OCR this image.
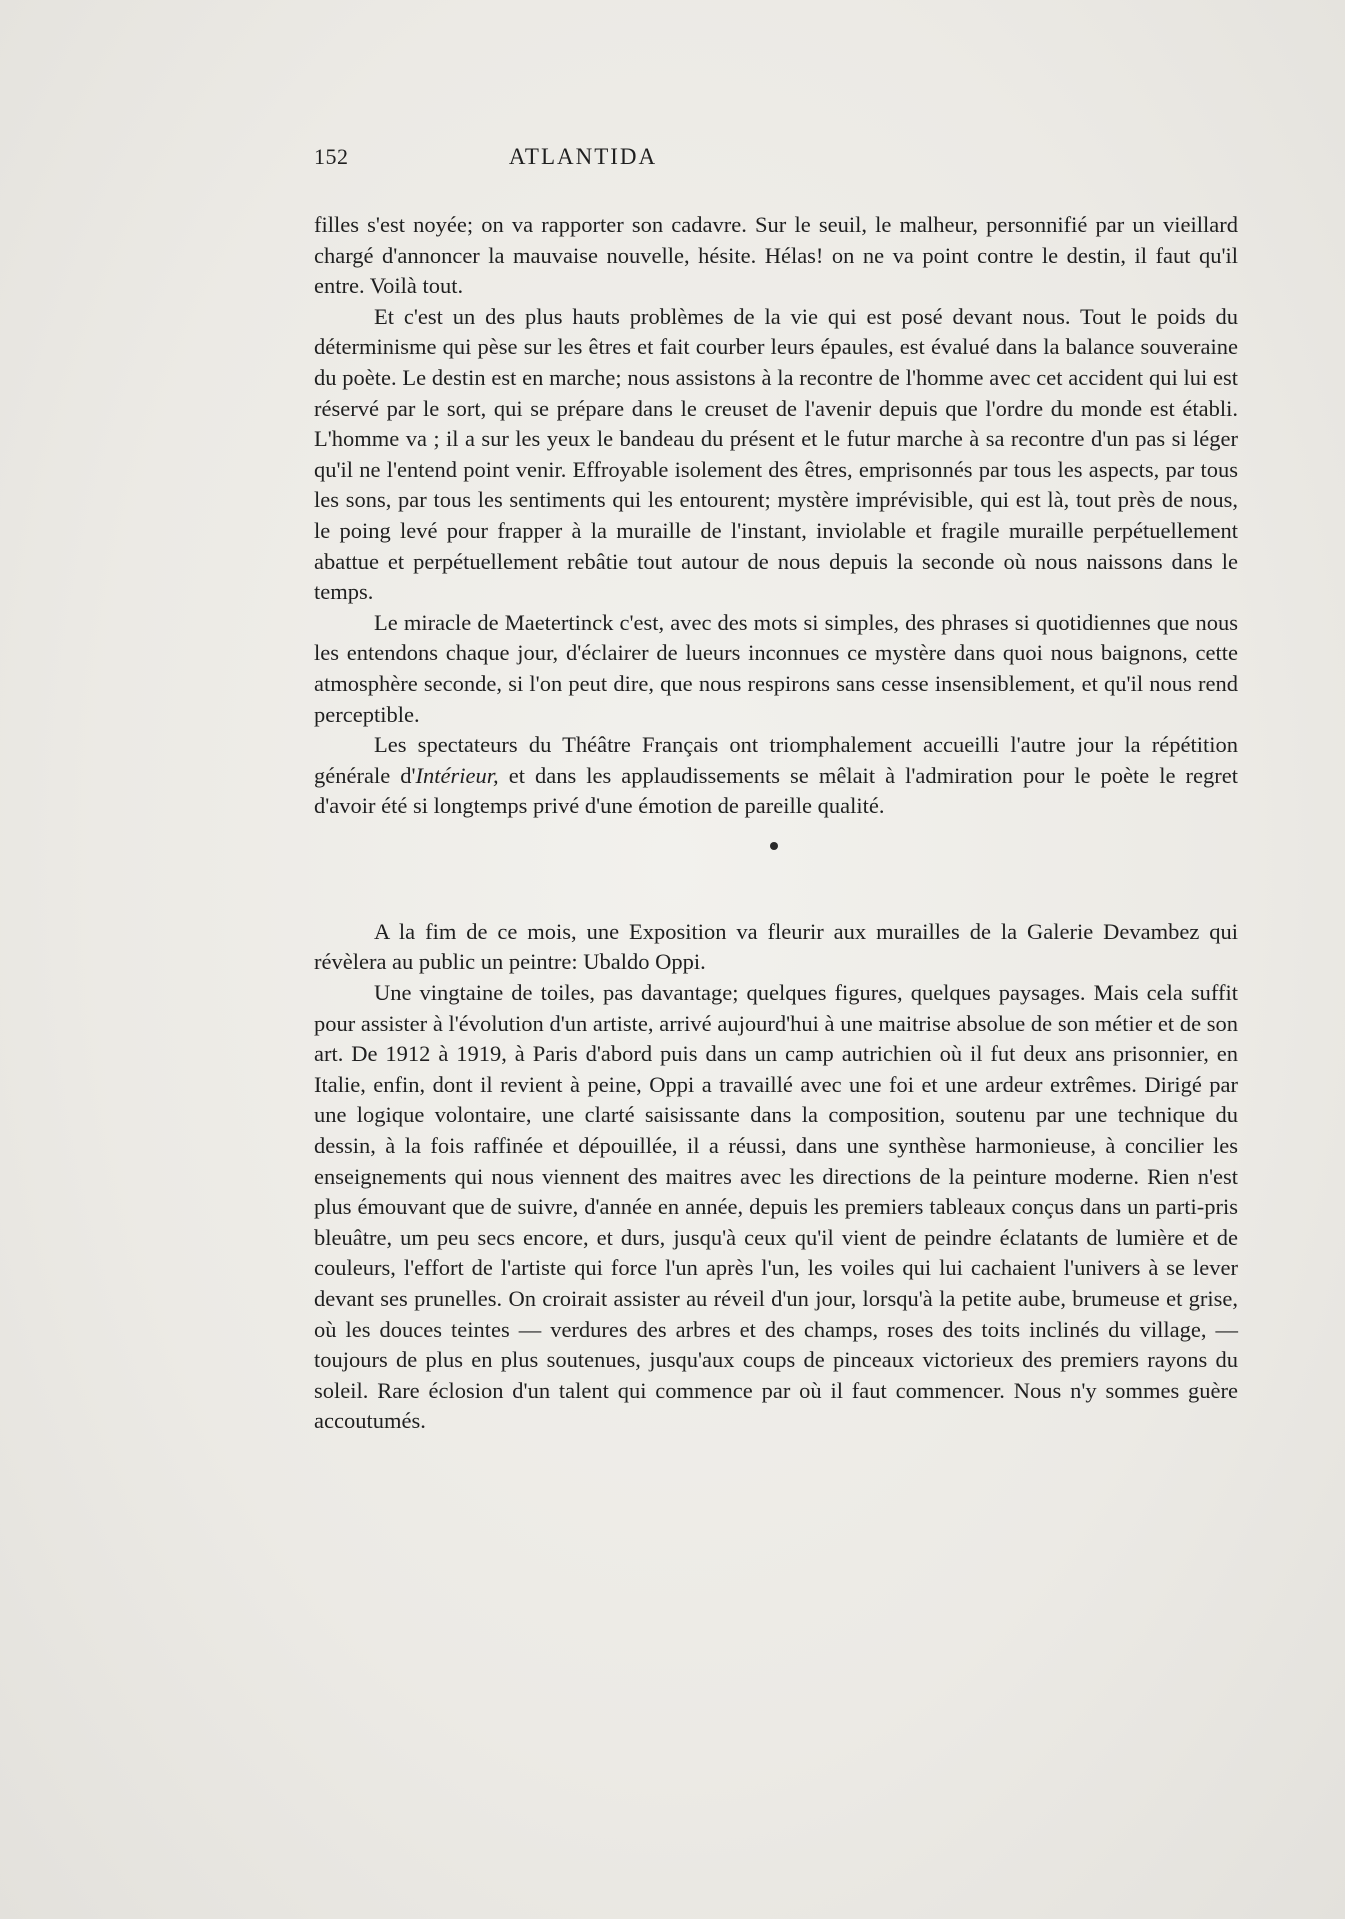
152	ATLANTIDA

filles s'est noyée; on va rapporter son cadavre. Sur le seuil, le malheur, personnifié par un vieillard chargé d'annoncer la mauvaise nouvelle, hésite. Hélas! on ne va point contre le destin, il faut qu'il entre. Voilà tout.

Et c'est un des plus hauts problèmes de la vie qui est posé devant nous. Tout le poids du déterminisme qui pèse sur les êtres et fait courber leurs épaules, est évalué dans la balance souveraine du poète. Le destin est en marche; nous assistons à la recontre de l'homme avec cet accident qui lui est réservé par le sort, qui se prépare dans le creuset de l'avenir depuis que l'ordre du monde est établi. L'homme va ; il a sur les yeux le bandeau du présent et le futur marche à sa recontre d'un pas si léger qu'il ne l'entend point venir. Effroyable isolement des êtres, emprisonnés par tous les aspects, par tous les sons, par tous les sentiments qui les entourent; mystère imprévisible, qui est là, tout près de nous, le poing levé pour frapper à la muraille de l'instant, inviolable et fragile muraille perpétuellement abattue et perpétuellement rebâtie tout autour de nous depuis la seconde où nous naissons dans le temps.

Le miracle de Maetertinck c'est, avec des mots si simples, des phrases si quotidiennes que nous les entendons chaque jour, d'éclairer de lueurs inconnues ce mystère dans quoi nous baignons, cette atmosphère seconde, si l'on peut dire, que nous respirons sans cesse insensiblement, et qu'il nous rend perceptible.

Les spectateurs du Théâtre Français ont triomphalement accueilli l'autre jour la répétition générale d'Intérieur, et dans les applaudissements se mêlait à l'admiration pour le poète le regret d'avoir été si longtemps privé d'une émotion de pareille qualité.

A la fim de ce mois, une Exposition va fleurir aux murailles de la Galerie Devambez qui révèlera au public un peintre: Ubaldo Oppi.

Une vingtaine de toiles, pas davantage; quelques figures, quelques paysages. Mais cela suffit pour assister à l'évolution d'un artiste, arrivé aujourd'hui à une maitrise absolue de son métier et de son art. De 1912 à 1919, à Paris d'abord puis dans un camp autrichien où il fut deux ans prisonnier, en Italie, enfin, dont il revient à peine, Oppi a travaillé avec une foi et une ardeur extrêmes. Dirigé par une logique volontaire, une clarté saisissante dans la composition, soutenu par une technique du dessin, à la fois raffinée et dépouillée, il a réussi, dans une synthèse harmonieuse, à concilier les enseignements qui nous viennent des maitres avec les directions de la peinture moderne. Rien n'est plus émouvant que de suivre, d'année en année, depuis les premiers tableaux conçus dans un parti-pris bleuâtre, um peu secs encore, et durs, jusqu'à ceux qu'il vient de peindre éclatants de lumière et de couleurs, l'effort de l'artiste qui force l'un après l'un, les voiles qui lui cachaient l'univers à se lever devant ses prunelles. On croirait assister au réveil d'un jour, lorsqu'à la petite aube, brumeuse et grise, où les douces teintes — verdures des arbres et des champs, roses des toits inclinés du village, — toujours de plus en plus soutenues, jusqu'aux coups de pinceaux victorieux des premiers rayons du soleil. Rare éclosion d'un talent qui commence par où il faut commencer. Nous n'y sommes guère accoutumés.
